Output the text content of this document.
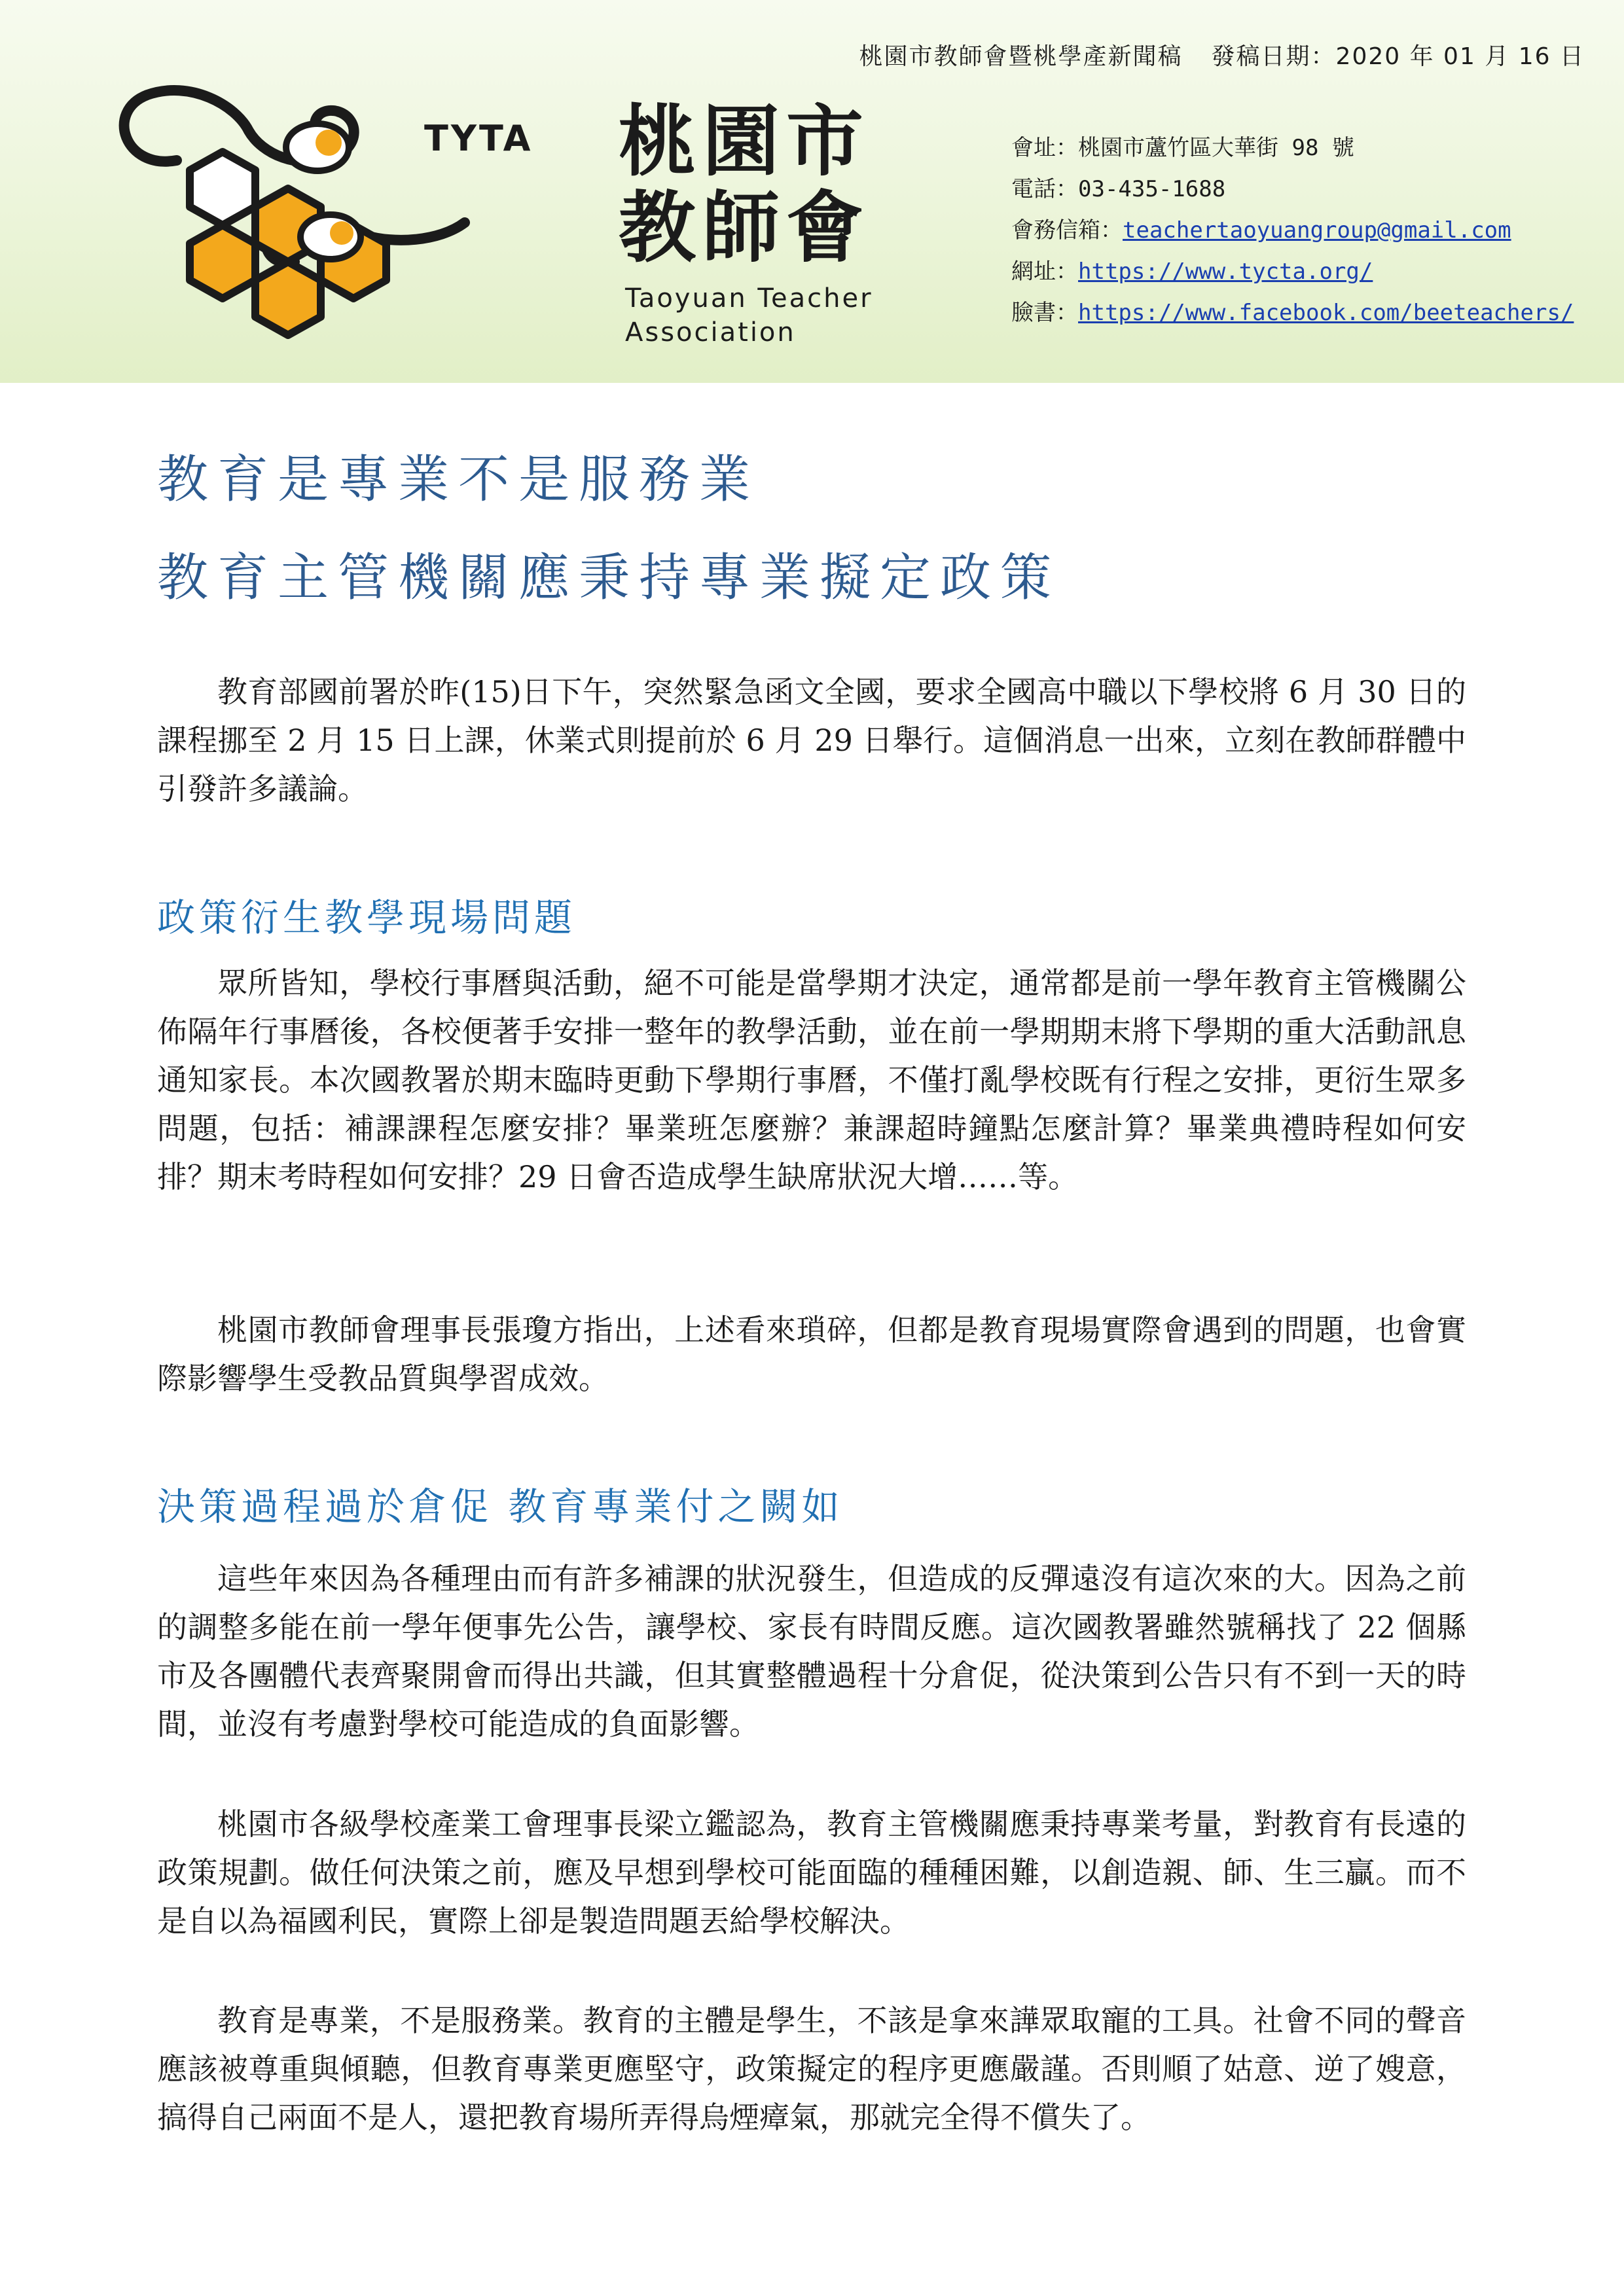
桃園市教師會暨桃學產新聞稿 發稿日期：2020 年 01 月 16 日
TYTA 桃園市
教師會
Taoyuan Teacher
Association
會址：桃園市蘆竹區大華街 98 號
電話：03-435-1688
會務信箱：teachertaoyuangroup@gmail.com
網址：https://www.tycta.org/
臉書：https://www.facebook.com/beeteachers/
教育是專業不是服務業
教育主管機關應秉持專業擬定政策

教育部國前署於昨(15)日下午，突然緊急函文全國，要求全國高中職以下學校將 6 月 30 日的課程挪至 2 月 15 日上課，休業式則提前於 6 月 29 日舉行。這個消息一出來，立刻在教師群體中引發許多議論。

政策衍生教學現場問題

眾所皆知，學校行事曆與活動，絕不可能是當學期才決定，通常都是前一學年教育主管機關公佈隔年行事曆後，各校便著手安排一整年的教學活動，並在前一學期期末將下學期的重大活動訊息通知家長。本次國教署於期末臨時更動下學期行事曆，不僅打亂學校既有行程之安排，更衍生眾多問題，包括：補課課程怎麼安排？畢業班怎麼辦？兼課超時鐘點怎麼計算？畢業典禮時程如何安排？期末考時程如何安排？29 日會否造成學生缺席狀況大增……等。

桃園市教師會理事長張瓊方指出，上述看來瑣碎，但都是教育現場實際會遇到的問題，也會實際影響學生受教品質與學習成效。

決策過程過於倉促 教育專業付之闕如

這些年來因為各種理由而有許多補課的狀況發生，但造成的反彈遠沒有這次來的大。因為之前的調整多能在前一學年便事先公告，讓學校、家長有時間反應。這次國教署雖然號稱找了 22 個縣市及各團體代表齊聚開會而得出共識，但其實整體過程十分倉促，從決策到公告只有不到一天的時間，並沒有考慮對學校可能造成的負面影響。

桃園市各級學校產業工會理事長梁立鑑認為，教育主管機關應秉持專業考量，對教育有長遠的政策規劃。做任何決策之前，應及早想到學校可能面臨的種種困難，以創造親、師、生三贏。而不是自以為福國利民，實際上卻是製造問題丟給學校解決。

教育是專業，不是服務業。教育的主體是學生，不該是拿來譁眾取寵的工具。社會不同的聲音應該被尊重與傾聽，但教育專業更應堅守，政策擬定的程序更應嚴謹。否則順了姑意、逆了嫂意，搞得自己兩面不是人，還把教育場所弄得烏煙瘴氣，那就完全得不償失了。
